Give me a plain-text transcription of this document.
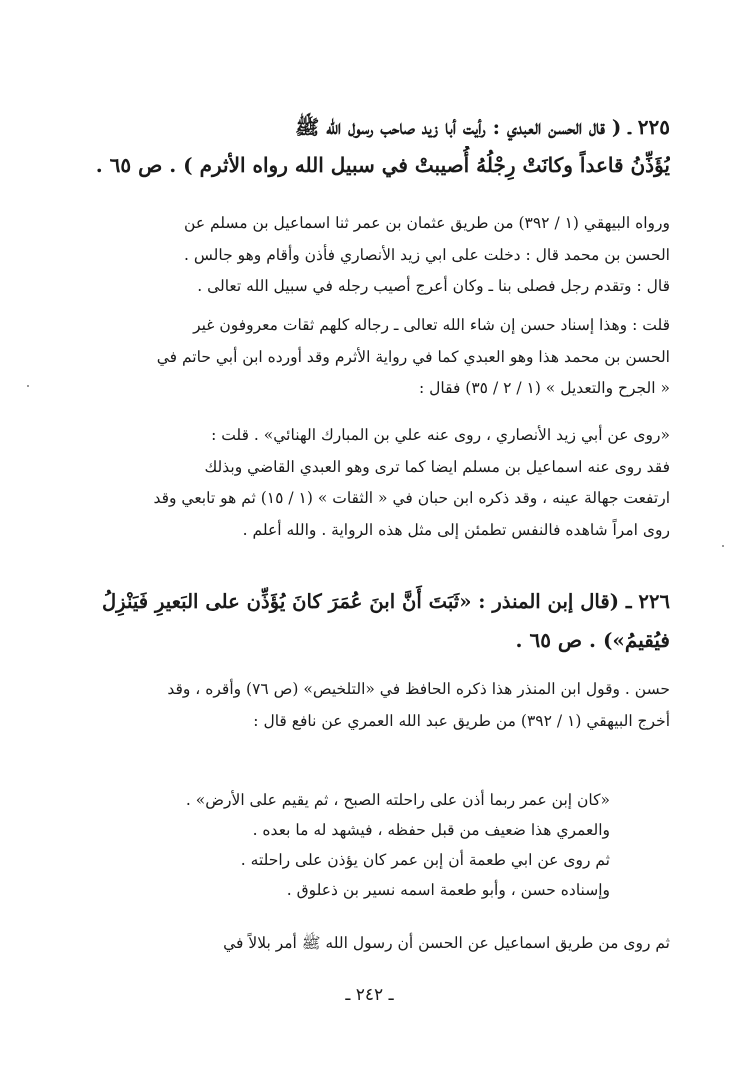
٢٢٥ ـ ( قال الحسن العبدي : رأيت أبا زيد صاحب رسول الله ﷺ
يُؤَذِّنُ قاعداً وكانَتْ رِجْلُهُ أُصيبتْ في سبيل الله رواه الأثرم ) . ص ٦٥ .
ورواه البيهقي (١ / ٣٩٢) من طريق عثمان بن عمر ثنا اسماعيل بن مسلم عن
الحسن بن محمد قال : دخلت على ابي زيد الأنصاري فأذن وأقام وهو جالس .
قال : وتقدم رجل فصلى بنا ـ وكان أعرج أصيب رجله في سبيل الله تعالى .
قلت : وهذا إسناد حسن إن شاء الله تعالى ـ رجاله كلهم ثقات معروفون غير
الحسن بن محمد هذا وهو العبدي كما في رواية الأثرم وقد أورده ابن أبي حاتم في
« الجرح والتعديل » (١ / ٢ / ٣٥) فقال :
«روى عن أبي زيد الأنصاري ، روى عنه علي بن المبارك الهنائي» . قلت :
فقد روى عنه اسماعيل بن مسلم ايضا كما ترى وهو العبدي القاضي وبذلك
ارتفعت جهالة عينه ، وقد ذكره ابن حبان في « الثقات » (١ / ١٥) ثم هو تابعي وقد
روى امراً شاهده فالنفس تطمئن إلى مثل هذه الرواية . والله أعلم .
٢٢٦ ـ (قال إبن المنذر : «ثَبَتَ أَنَّ ابنَ عُمَرَ كانَ يُؤَذِّن على البَعيرِ فَيَنْزِلُ
فيُقيمُ») . ص ٦٥ .
حسن . وقول ابن المنذر هذا ذكره الحافظ في «التلخيص» (ص ٧٦) وأقره ، وقد
أخرج البيهقي (١ / ٣٩٢) من طريق عبد الله العمري عن نافع قال :
«كان إبن عمر ربما أذن على راحلته الصبح ، ثم يقيم على الأرض» .
والعمري هذا ضعيف من قبل حفظه ، فيشهد له ما بعده .
ثم روى عن ابي طعمة أن إبن عمر كان يؤذن على راحلته .
وإسناده حسن ، وأبو طعمة اسمه نسير بن ذعلوق .
ثم روى من طريق اسماعيل عن الحسن أن رسول الله ﷺ أمر بلالاً في
ـ ٢٤٢ ـ
